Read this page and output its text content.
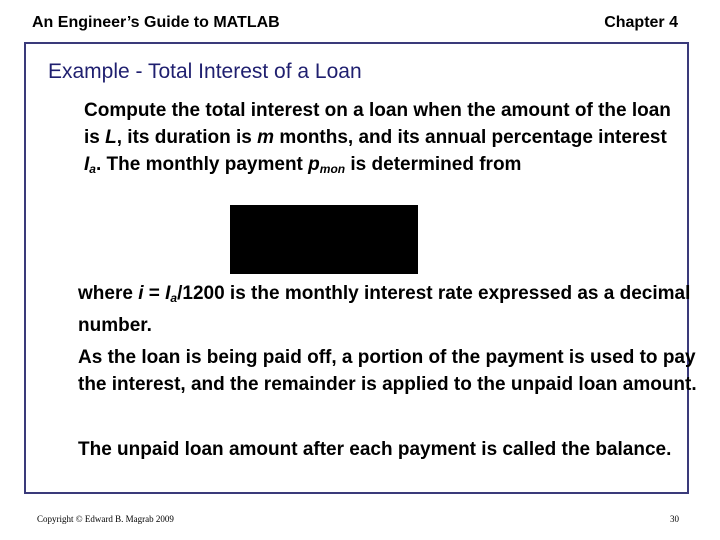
An Engineer’s Guide to MATLAB	Chapter 4
Example - Total Interest of a Loan
Compute the total interest on a loan when the amount of the loan is L, its duration is m months, and its annual percentage interest $I_a$. The monthly payment $p_{mon}$ is determined from
where $i = I_a/1200$ is the monthly interest rate expressed as a decimal number.
As the loan is being paid off, a portion of the payment is used to pay the interest, and the remainder is applied to the unpaid loan amount.
The unpaid loan amount after each payment is called the balance.
Copyright © Edward B. Magrab 2009	30
